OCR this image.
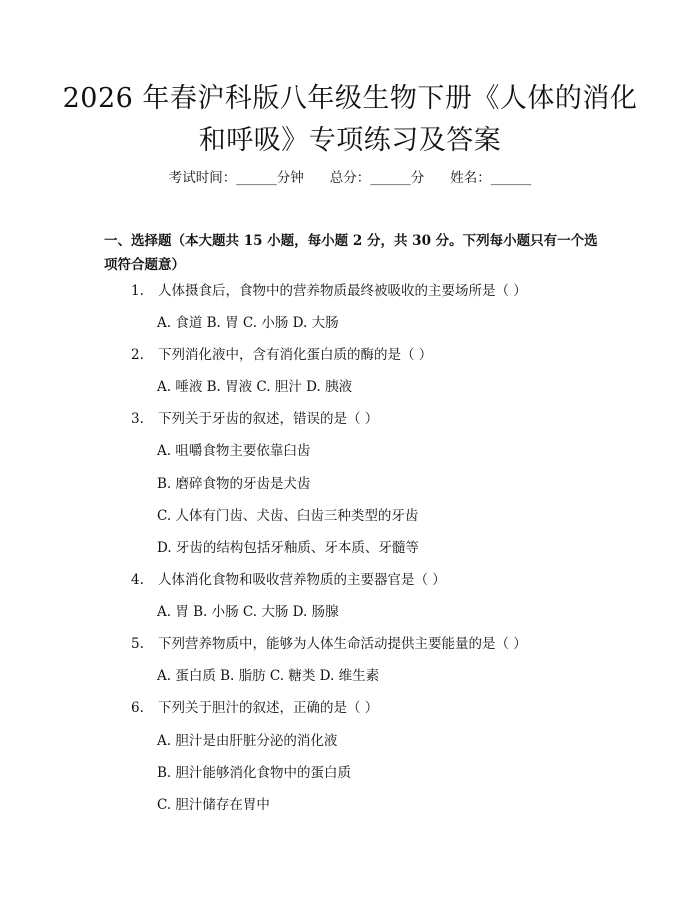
2026 年春沪科版八年级生物下册《人体的消化和呼吸》专项练习及答案
考试时间：______分钟 总分：______分 姓名：______
一、选择题（本大题共 15 小题，每小题 2 分，共 30 分。下列每小题只有一个选项符合题意）
1. 人体摄食后，食物中的营养物质最终被吸收的主要场所是（ ）
A. 食道 B. 胃 C. 小肠 D. 大肠
2. 下列消化液中，含有消化蛋白质的酶的是（ ）
A. 唾液 B. 胃液 C. 胆汁 D. 胰液
3. 下列关于牙齿的叙述，错误的是（ ）
A. 咀嚼食物主要依靠臼齿
B. 磨碎食物的牙齿是犬齿
C. 人体有门齿、犬齿、臼齿三种类型的牙齿
D. 牙齿的结构包括牙釉质、牙本质、牙髓等
4. 人体消化食物和吸收营养物质的主要器官是（ ）
A. 胃 B. 小肠 C. 大肠 D. 肠腺
5. 下列营养物质中，能够为人体生命活动提供主要能量的是（ ）
A. 蛋白质 B. 脂肪 C. 糖类 D. 维生素
6. 下列关于胆汁的叙述，正确的是（ ）
A. 胆汁是由肝脏分泌的消化液
B. 胆汁能够消化食物中的蛋白质
C. 胆汁储存在胃中
